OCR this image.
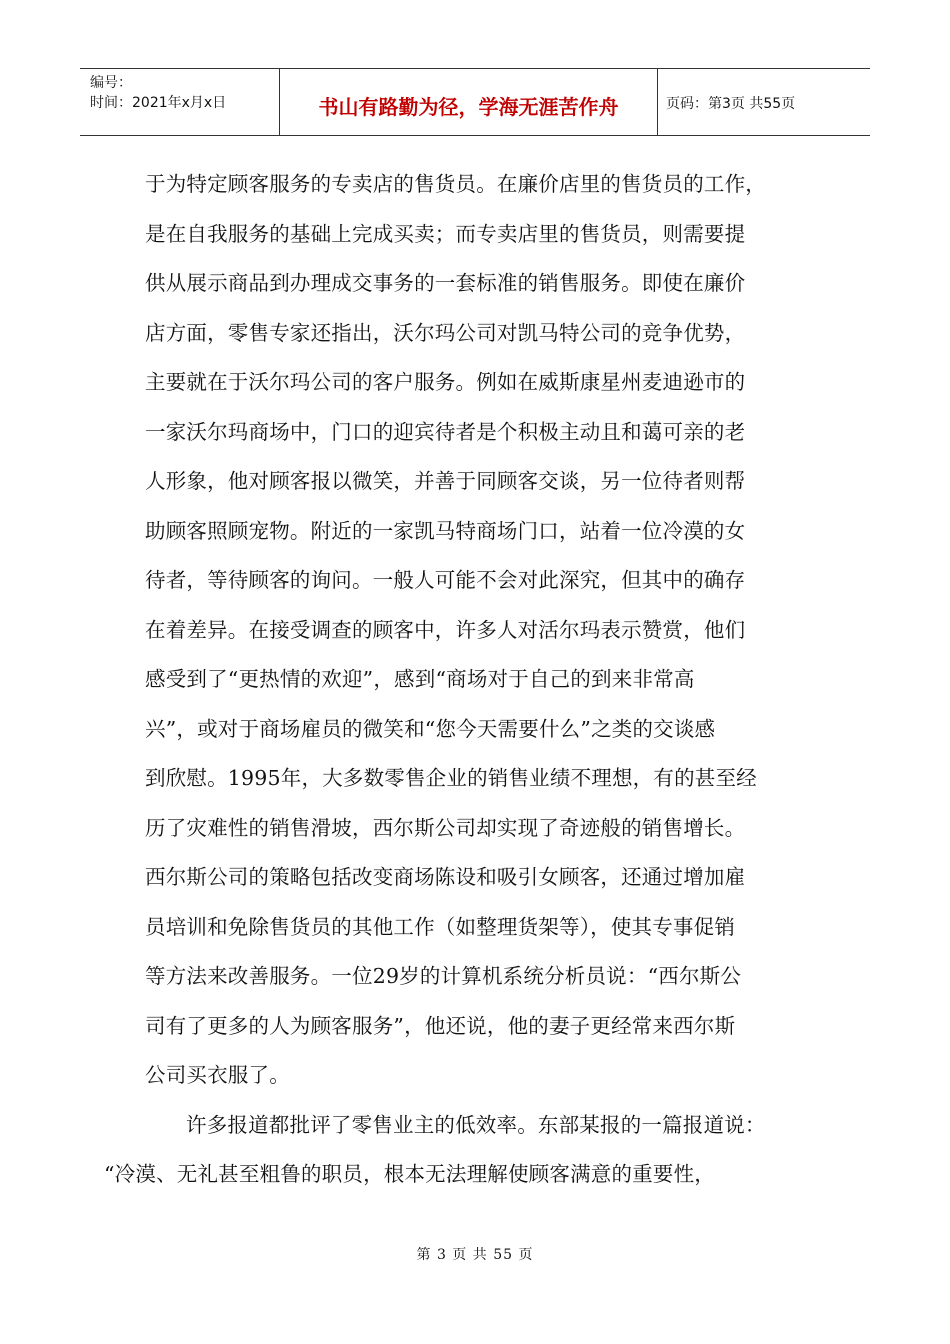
编号：
时间：2021年x月x日	书山有路勤为径，学海无涯苦作舟	页码：第3页 共55页

于为特定顾客服务的专卖店的售货员。在廉价店里的售货员的工作，
是在自我服务的基础上完成买卖；而专卖店里的售货员，则需要提
供从展示商品到办理成交事务的一套标准的销售服务。即使在廉价
店方面，零售专家还指出，沃尔玛公司对凯马特公司的竞争优势，
主要就在于沃尔玛公司的客户服务。例如在威斯康星州麦迪逊市的
一家沃尔玛商场中，门口的迎宾待者是个积极主动且和蔼可亲的老
人形象，他对顾客报以微笑，并善于同顾客交谈，另一位待者则帮
助顾客照顾宠物。附近的一家凯马特商场门口，站着一位冷漠的女
待者，等待顾客的询问。一般人可能不会对此深究，但其中的确存
在着差异。在接受调查的顾客中，许多人对活尔玛表示赞赏，他们
感受到了“更热情的欢迎”，感到“商场对于自己的到来非常高
兴”，或对于商场雇员的微笑和“您今天需要什么”之类的交谈感
到欣慰。1995年，大多数零售企业的销售业绩不理想，有的甚至经
历了灾难性的销售滑坡，西尔斯公司却实现了奇迹般的销售增长。
西尔斯公司的策略包括改变商场陈设和吸引女顾客，还通过增加雇
员培训和免除售货员的其他工作（如整理货架等），使其专事促销
等方法来改善服务。一位29岁的计算机系统分析员说：“西尔斯公
司有了更多的人为顾客服务”，他还说，他的妻子更经常来西尔斯
公司买衣服了。

许多报道都批评了零售业主的低效率。东部某报的一篇报道说：
“冷漠、无礼甚至粗鲁的职员，根本无法理解使顾客满意的重要性，

第 3 页 共 55 页
